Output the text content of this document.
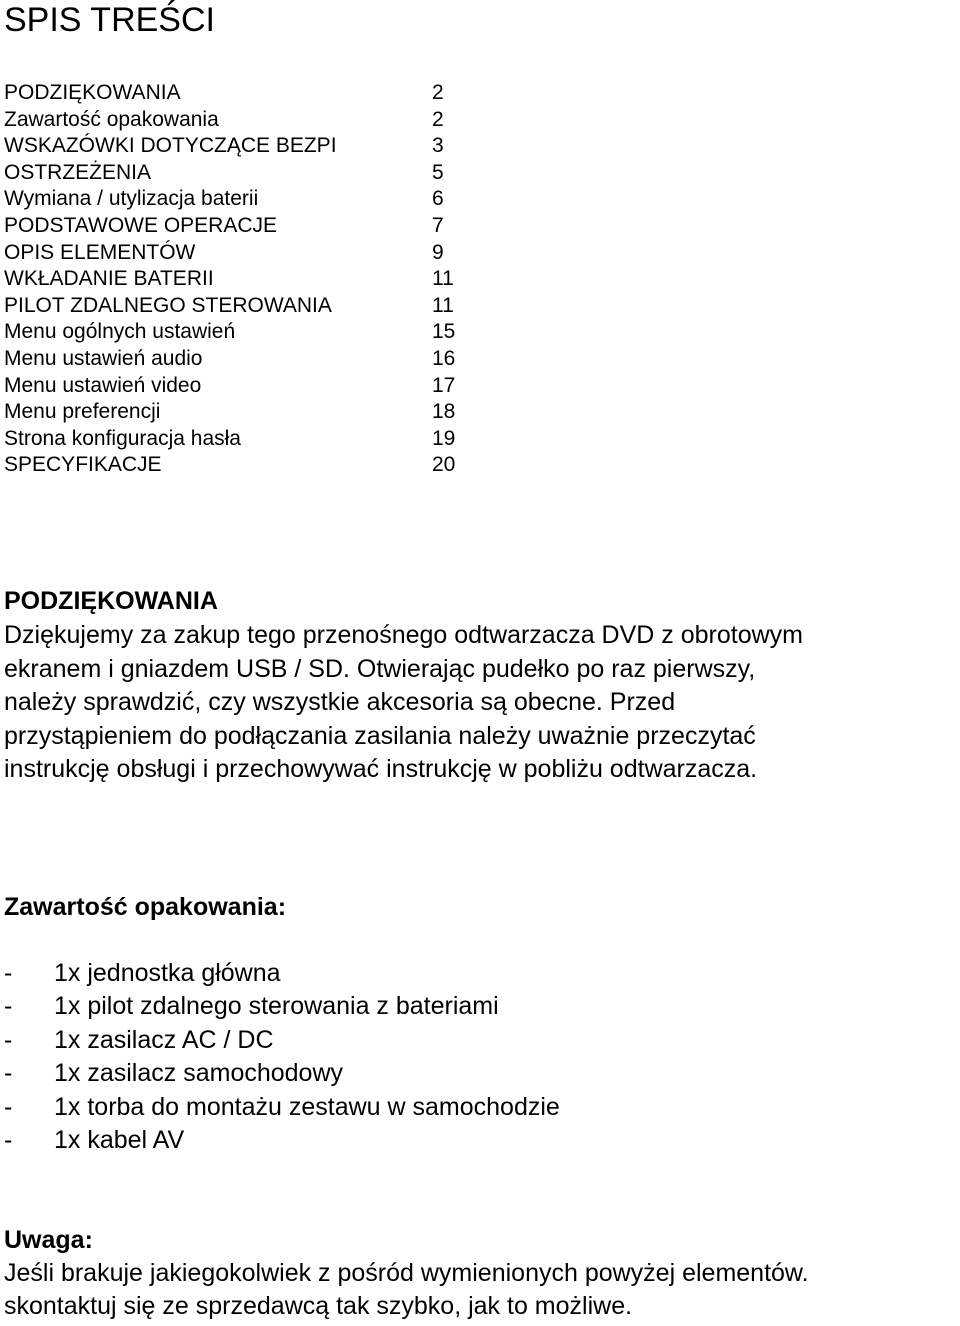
SPIS TREŚCI
PODZIĘKOWANIA	2
Zawartość opakowania	2
WSKAZÓWKI DOTYCZĄCE BEZPI	3
OSTRZEŻENIA	5
Wymiana / utylizacja baterii	6
PODSTAWOWE OPERACJE	7
OPIS ELEMENTÓW	9
WKŁADANIE BATERII	11
PILOT ZDALNEGO STEROWANIA	11
Menu ogólnych ustawień	15
Menu ustawień audio	16
Menu ustawień video	17
Menu preferencji	18
Strona konfiguracja hasła	19
SPECYFIKACJE	20
PODZIĘKOWANIA

Dziękujemy za zakup tego przenośnego odtwarzacza DVD z obrotowym
ekranem i gniazdem USB / SD. Otwierając pudełko po raz pierwszy,
należy sprawdzić, czy wszystkie akcesoria są obecne. Przed
przystąpieniem do podłączania zasilania należy uważnie przeczytać
instrukcję obsługi i przechowywać instrukcję w pobliżu odtwarzacza.

Zawartość opakowania:
- 1x jednostka główna
- 1x pilot zdalnego sterowania z bateriami
- 1x zasilacz AC / DC
- 1x zasilacz samochodowy
- 1x torba do montażu zestawu w samochodzie
- 1x kabel AV
Uwaga:

Jeśli brakuje jakiegokolwiek z pośród wymienionych powyżej elementów.
skontaktuj się ze sprzedawcą tak szybko, jak to możliwe.
